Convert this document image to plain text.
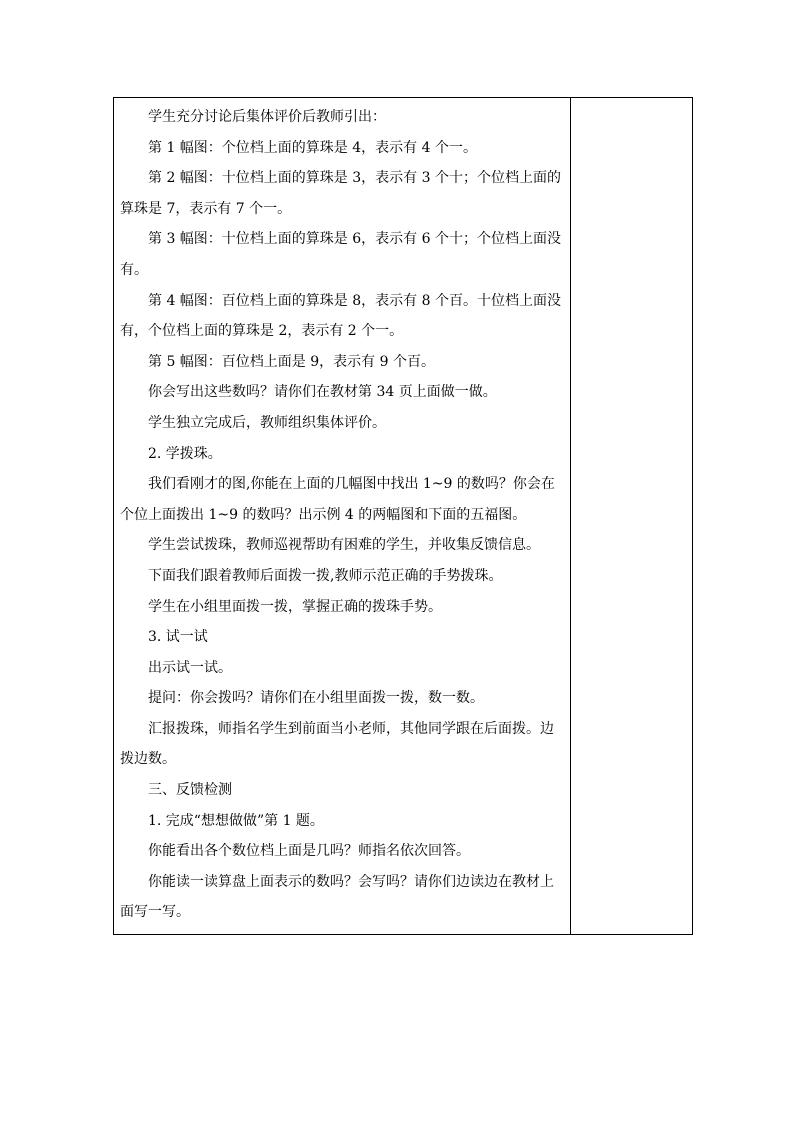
学生充分讨论后集体评价后教师引出：

第 1 幅图：个位档上面的算珠是 4，表示有 4 个一。

第 2 幅图：十位档上面的算珠是 3，表示有 3 个十；个位档上面的算珠是 7，表示有 7 个一。

第 3 幅图：十位档上面的算珠是 6，表示有 6 个十；个位档上面没有。

第 4 幅图：百位档上面的算珠是 8，表示有 8 个百。十位档上面没有，个位档上面的算珠是 2，表示有 2 个一。

第 5 幅图：百位档上面是 9，表示有 9 个百。

你会写出这些数吗？请你们在教材第 34 页上面做一做。

学生独立完成后，教师组织集体评价。

2. 学拨珠。

我们看刚才的图,你能在上面的几幅图中找出 1~9 的数吗？你会在个位上面拨出 1~9 的数吗？出示例 4 的两幅图和下面的五福图。

学生尝试拨珠，教师巡视帮助有困难的学生，并收集反馈信息。

下面我们跟着教师后面拨一拨,教师示范正确的手势拨珠。

学生在小组里面拨一拨，掌握正确的拨珠手势。

3. 试一试

出示试一试。

提问：你会拨吗？请你们在小组里面拨一拨，数一数。

汇报拨珠，师指名学生到前面当小老师，其他同学跟在后面拨。边拨边数。

三、反馈检测

1. 完成“想想做做”第 1 题。

你能看出各个数位档上面是几吗？师指名依次回答。

你能读一读算盘上面表示的数吗？会写吗？请你们边读边在教材上面写一写。
